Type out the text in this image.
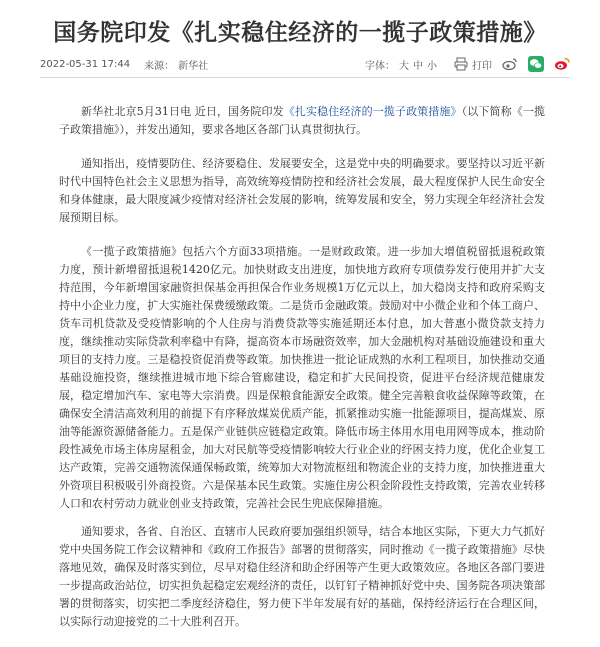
国务院印发《扎实稳住经济的一揽子政策措施》
2022-05-31 17:44 来源： 新华社	字体： 大 中 小	打印

新华社北京5月31日电 近日，国务院印发《扎实稳住经济的一揽子政策措施》（以下简称《一揽子政策措施》），并发出通知，要求各地区各部门认真贯彻执行。

通知指出，疫情要防住、经济要稳住、发展要安全，这是党中央的明确要求。要坚持以习近平新时代中国特色社会主义思想为指导，高效统筹疫情防控和经济社会发展，最大程度保护人民生命安全和身体健康，最大限度减少疫情对经济社会发展的影响，统筹发展和安全，努力实现全年经济社会发展预期目标。

《一揽子政策措施》包括六个方面33项措施。一是财政政策。进一步加大增值税留抵退税政策力度，预计新增留抵退税1420亿元。加快财政支出进度，加快地方政府专项债券发行使用并扩大支持范围，今年新增国家融资担保基金再担保合作业务规模1万亿元以上，加大稳岗支持和政府采购支持中小企业力度，扩大实施社保费缓缴政策。二是货币金融政策。鼓励对中小微企业和个体工商户、货车司机贷款及受疫情影响的个人住房与消费贷款等实施延期还本付息，加大普惠小微贷款支持力度，继续推动实际贷款利率稳中有降，提高资本市场融资效率，加大金融机构对基础设施建设和重大项目的支持力度。三是稳投资促消费等政策。加快推进一批论证成熟的水利工程项目，加快推动交通基础设施投资，继续推进城市地下综合管廊建设，稳定和扩大民间投资，促进平台经济规范健康发展，稳定增加汽车、家电等大宗消费。四是保粮食能源安全政策。健全完善粮食收益保障等政策，在确保安全清洁高效利用的前提下有序释放煤炭优质产能，抓紧推动实施一批能源项目，提高煤炭、原油等能源资源储备能力。五是保产业链供应链稳定政策。降低市场主体用水用电用网等成本，推动阶段性减免市场主体房屋租金，加大对民航等受疫情影响较大行业企业的纾困支持力度，优化企业复工达产政策，完善交通物流保通保畅政策，统筹加大对物流枢纽和物流企业的支持力度，加快推进重大外资项目积极吸引外商投资。六是保基本民生政策。实施住房公积金阶段性支持政策，完善农业转移人口和农村劳动力就业创业支持政策，完善社会民生兜底保障措施。

通知要求，各省、自治区、直辖市人民政府要加强组织领导，结合本地区实际，下更大力气抓好党中央国务院工作会议精神和《政府工作报告》部署的贯彻落实，同时推动《一揽子政策措施》尽快落地见效，确保及时落实到位，尽早对稳住经济和助企纾困等产生更大政策效应。各地区各部门要进一步提高政治站位，切实担负起稳定宏观经济的责任，以钉钉子精神抓好党中央、国务院各项决策部署的贯彻落实，切实把二季度经济稳住，努力使下半年发展有好的基础，保持经济运行在合理区间，以实际行动迎接党的二十大胜利召开。
